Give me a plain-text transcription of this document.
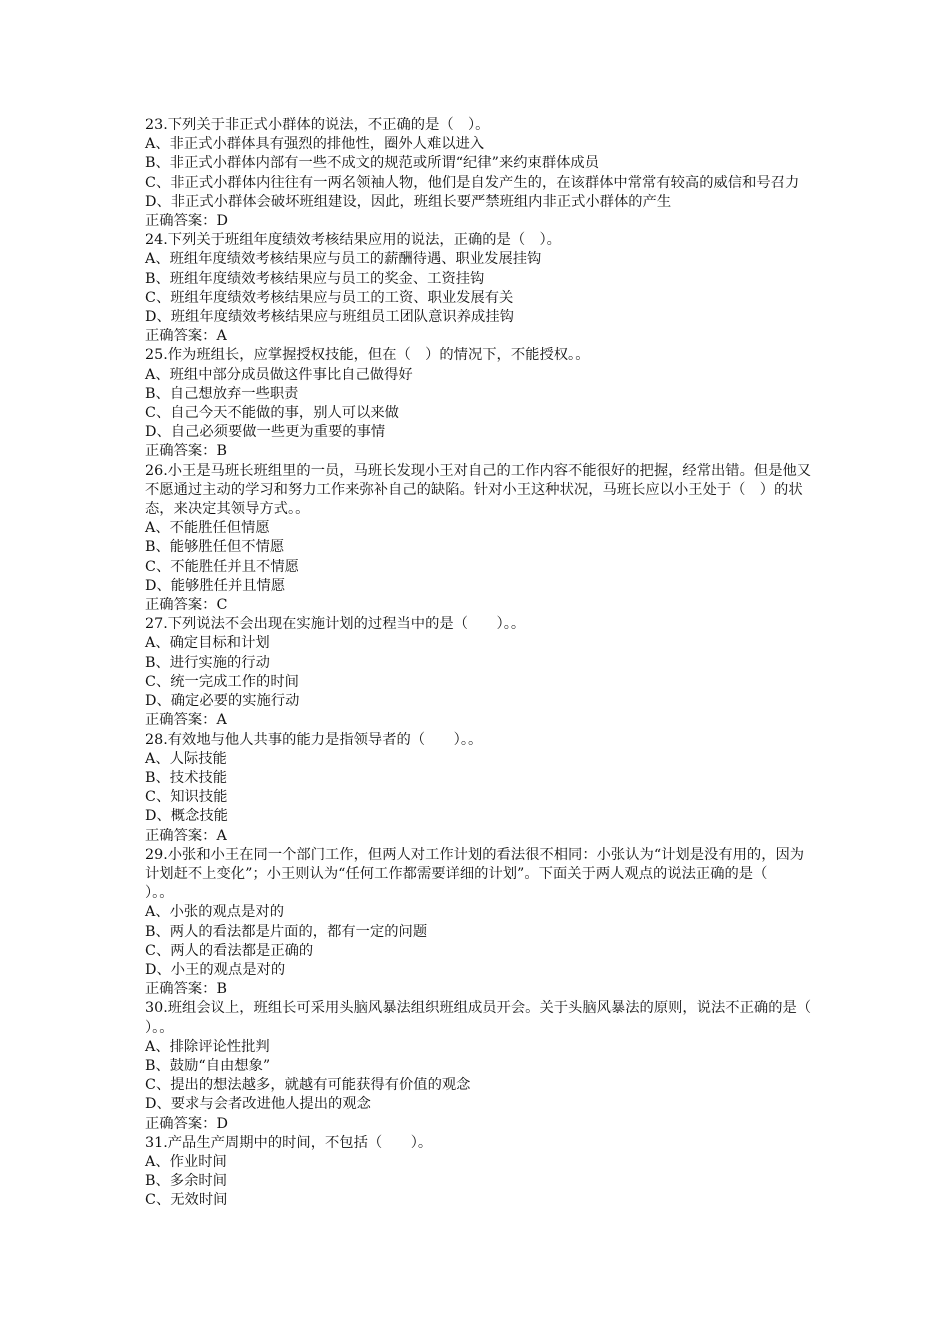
23.下列关于非正式小群体的说法，不正确的是（　）。
A、非正式小群体具有强烈的排他性，圈外人难以进入
B、非正式小群体内部有一些不成文的规范或所谓“纪律”来约束群体成员
C、非正式小群体内往往有一两名领袖人物，他们是自发产生的，在该群体中常常有较高的威信和号召力
D、非正式小群体会破坏班组建设，因此，班组长要严禁班组内非正式小群体的产生
正确答案：D
24.下列关于班组年度绩效考核结果应用的说法，正确的是（　）。
A、班组年度绩效考核结果应与员工的薪酬待遇、职业发展挂钩
B、班组年度绩效考核结果应与员工的奖金、工资挂钩
C、班组年度绩效考核结果应与员工的工资、职业发展有关
D、班组年度绩效考核结果应与班组员工团队意识养成挂钩
正确答案：A
25.作为班组长，应掌握授权技能，但在（　）的情况下，不能授权。。
A、班组中部分成员做这件事比自己做得好
B、自己想放弃一些职责
C、自己今天不能做的事，别人可以来做
D、自己必须要做一些更为重要的事情
正确答案：B
26.小王是马班长班组里的一员，马班长发现小王对自己的工作内容不能很好的把握，经常出错。但是他又不愿通过主动的学习和努力工作来弥补自己的缺陷。针对小王这种状况，马班长应以小王处于（　）的状态，来决定其领导方式。。
A、不能胜任但情愿
B、能够胜任但不情愿
C、不能胜任并且不情愿
D、能够胜任并且情愿
正确答案：C
27.下列说法不会出现在实施计划的过程当中的是（　　）。。
A、确定目标和计划
B、进行实施的行动
C、统一完成工作的时间
D、确定必要的实施行动
正确答案：A
28.有效地与他人共事的能力是指领导者的（　　）。。
A、人际技能
B、技术技能
C、知识技能
D、概念技能
正确答案：A
29.小张和小王在同一个部门工作，但两人对工作计划的看法很不相同：小张认为“计划是没有用的，因为计划赶不上变化”；小王则认为“任何工作都需要详细的计划”。下面关于两人观点的说法正确的是（　　）。。
A、小张的观点是对的
B、两人的看法都是片面的，都有一定的问题
C、两人的看法都是正确的
D、小王的观点是对的
正确答案：B
30.班组会议上，班组长可采用头脑风暴法组织班组成员开会。关于头脑风暴法的原则，说法不正确的是（　　）。。
A、排除评论性批判
B、鼓励“自由想象”
C、提出的想法越多，就越有可能获得有价值的观念
D、要求与会者改进他人提出的观念
正确答案：D
31.产品生产周期中的时间，不包括（　　）。
A、作业时间
B、多余时间
C、无效时间
